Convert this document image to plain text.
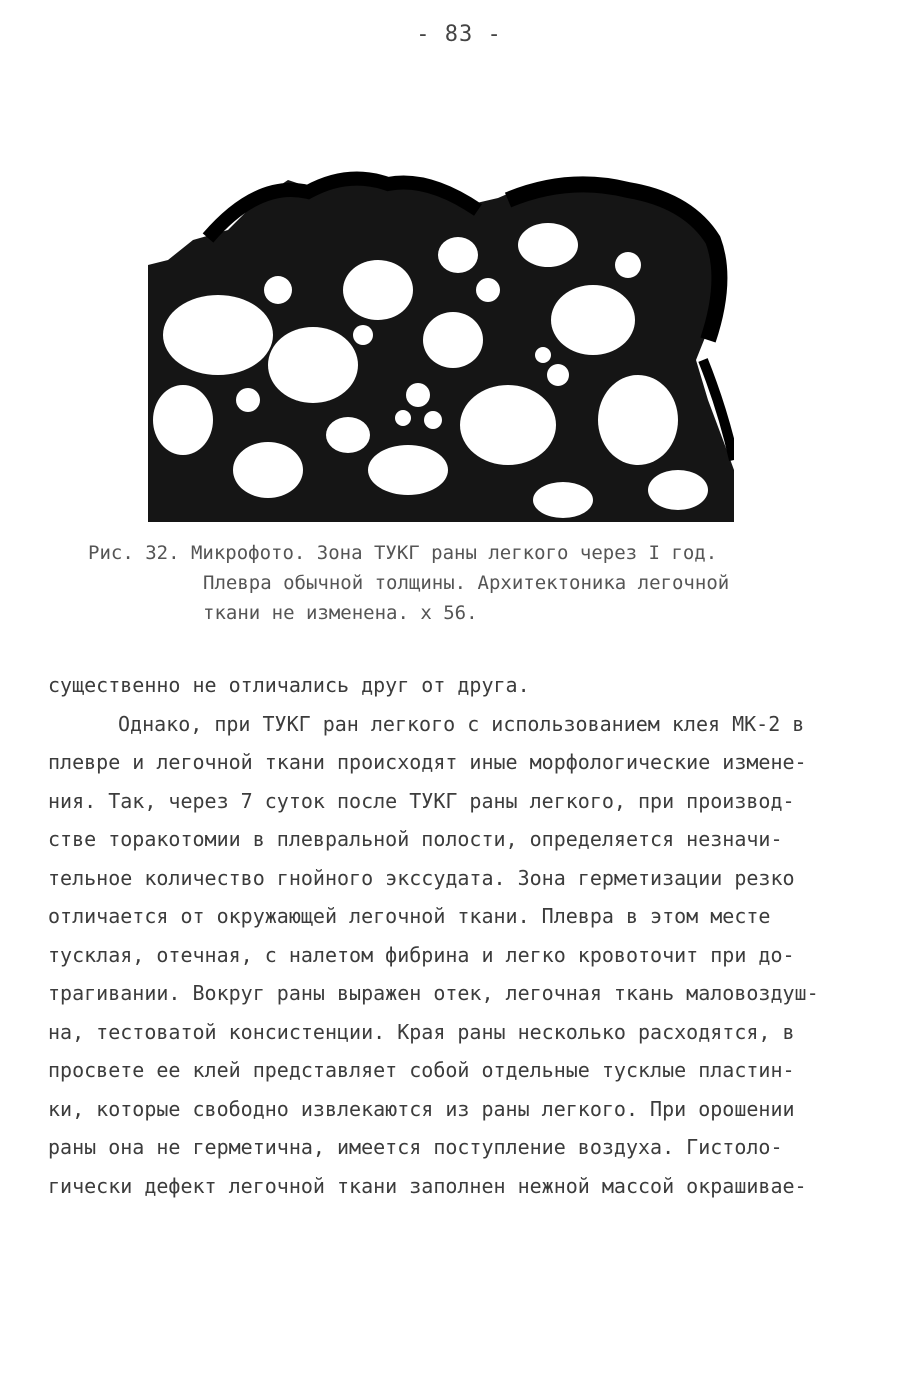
- 83 -
Рис. 32. Микрофото. Зона ТУКГ раны легкого через I год.
Плевра обычной толщины. Архитектоника легочной
ткани не изменена. х 56.
существенно не отличались друг от друга.
Однако, при ТУКГ ран легкого с использованием клея МК-2 в
плевре и легочной ткани происходят иные морфологические измене-
ния. Так, через 7 суток после ТУКГ раны легкого, при производ-
стве торакотомии в плевральной полости, определяется незначи-
тельное количество гнойного экссудата. Зона герметизации резко
отличается от окружающей легочной ткани. Плевра в этом месте
тусклая, отечная, с налетом фибрина и легко кровоточит при до-
трагивании. Вокруг раны выражен отек, легочная ткань маловоздуш-
на, тестоватой консистенции. Края раны несколько расходятся, в
просвете ее клей представляет собой отдельные тусклые пластин-
ки, которые свободно извлекаются из раны легкого. При орошении
раны она не герметична, имеется поступление воздуха. Гистоло-
гически дефект легочной ткани заполнен нежной массой окрашивае-
